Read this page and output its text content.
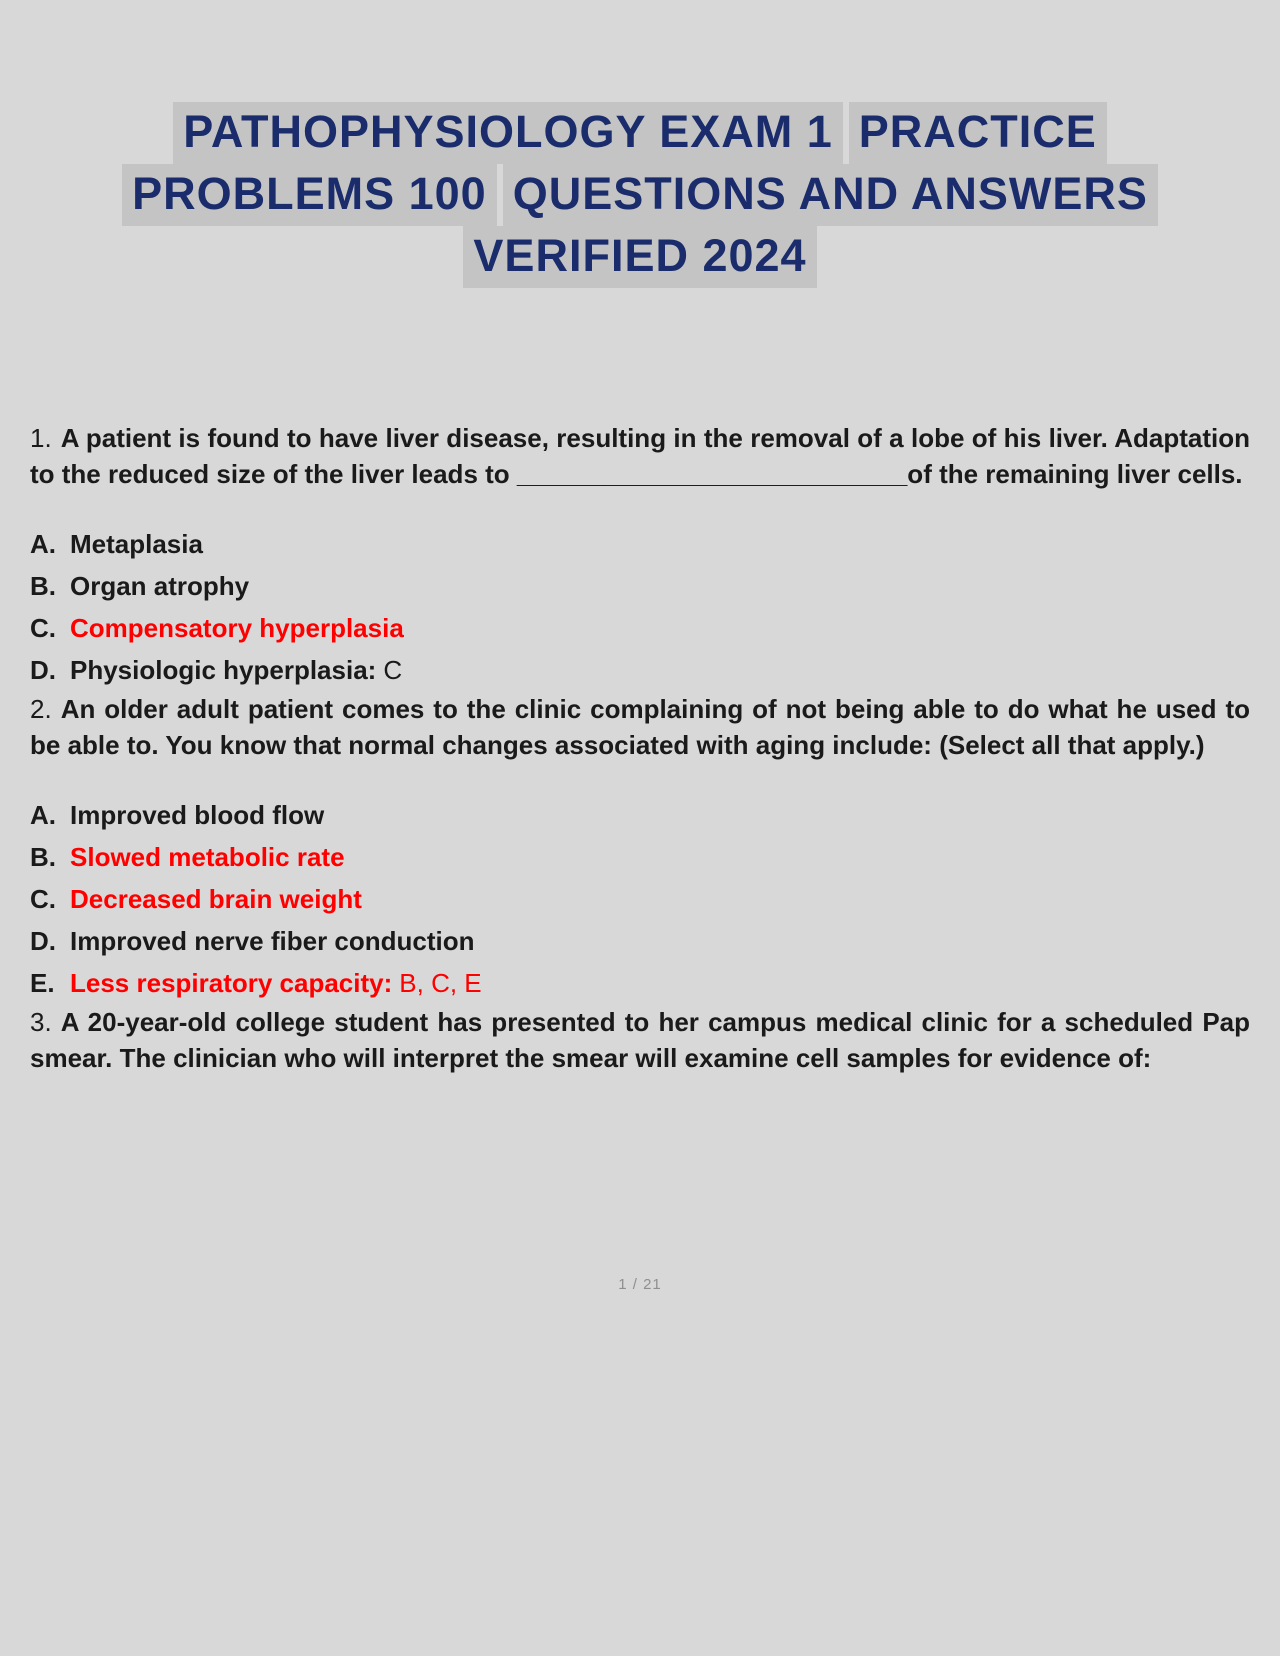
PATHOPHYSIOLOGY EXAM 1 PRACTICE
PROBLEMS 100 QUESTIONS AND ANSWERS
VERIFIED 2024

1. A patient is found to have liver disease, resulting in the removal of a lobe of his liver. Adaptation to the reduced size of the liver leads to ___________________________of the remaining liver cells.

A. Metaplasia
B. Organ atrophy
C. Compensatory hyperplasia
D. Physiologic hyperplasia: C

2. An older adult patient comes to the clinic complaining of not being able to do what he used to be able to. You know that normal changes associated with aging include: (Select all that apply.)

A. Improved blood flow
B. Slowed metabolic rate
C. Decreased brain weight
D. Improved nerve fiber conduction
E. Less respiratory capacity: B, C, E

3. A 20-year-old college student has presented to her campus medical clinic for a scheduled Pap smear. The clinician who will interpret the smear will examine cell samples for evidence of:

1 / 21
